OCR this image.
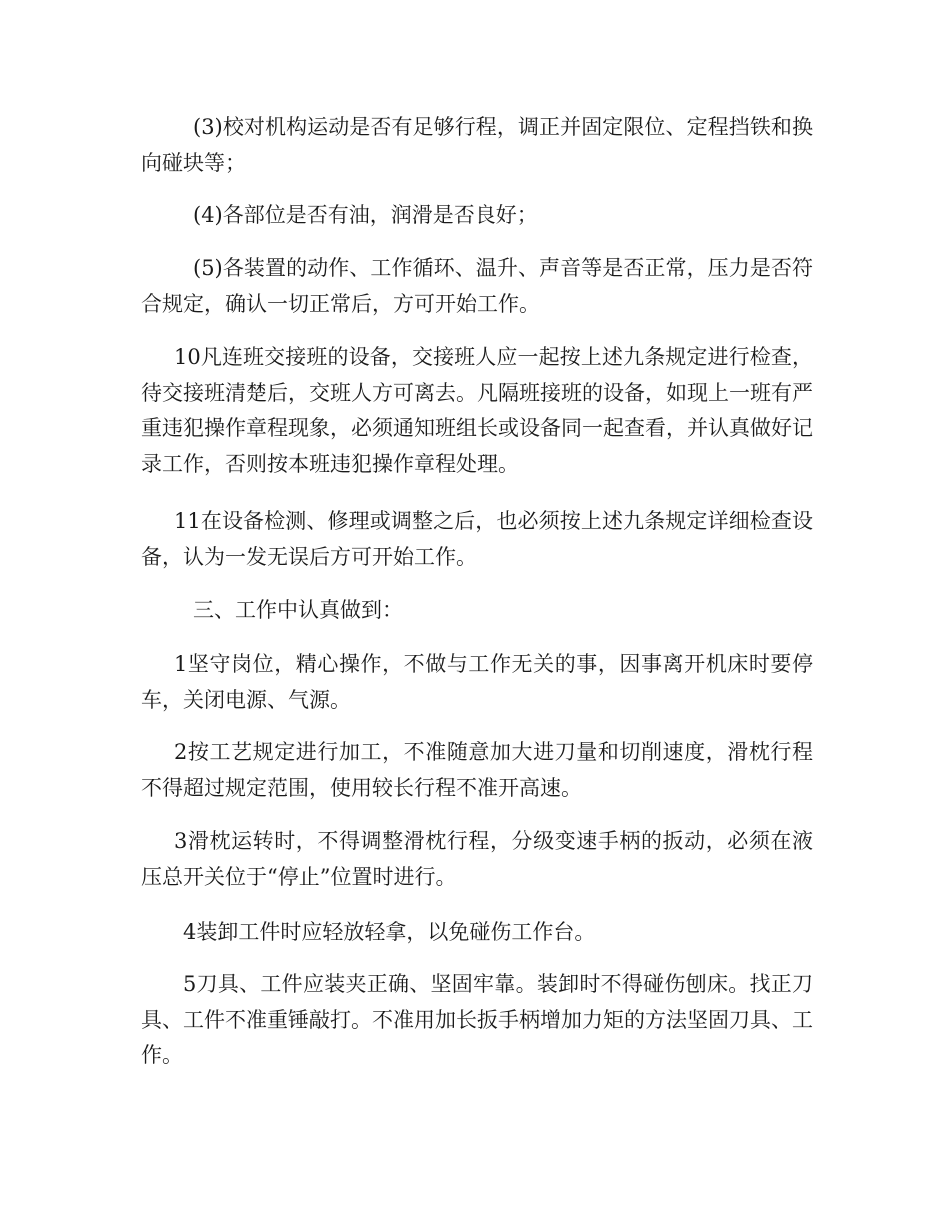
(3)校对机构运动是否有足够行程，调正并固定限位、定程挡铁和换向碰块等；

(4)各部位是否有油，润滑是否良好；

(5)各装置的动作、工作循环、温升、声音等是否正常，压力是否符合规定，确认一切正常后，方可开始工作。

10凡连班交接班的设备，交接班人应一起按上述九条规定进行检查，待交接班清楚后，交班人方可离去。凡隔班接班的设备，如现上一班有严重违犯操作章程现象，必须通知班组长或设备同一起查看，并认真做好记录工作，否则按本班违犯操作章程处理。

11在设备检测、修理或调整之后，也必须按上述九条规定详细检查设备，认为一发无误后方可开始工作。

三、工作中认真做到：

1坚守岗位，精心操作，不做与工作无关的事，因事离开机床时要停车，关闭电源、气源。

2按工艺规定进行加工，不准随意加大进刀量和切削速度，滑枕行程不得超过规定范围，使用较长行程不准开高速。

3滑枕运转时，不得调整滑枕行程，分级变速手柄的扳动，必须在液压总开关位于“停止”位置时进行。

4装卸工件时应轻放轻拿，以免碰伤工作台。

5刀具、工件应装夹正确、坚固牢靠。装卸时不得碰伤刨床。找正刀具、工件不准重锤敲打。不准用加长扳手柄增加力矩的方法坚固刀具、工作。
